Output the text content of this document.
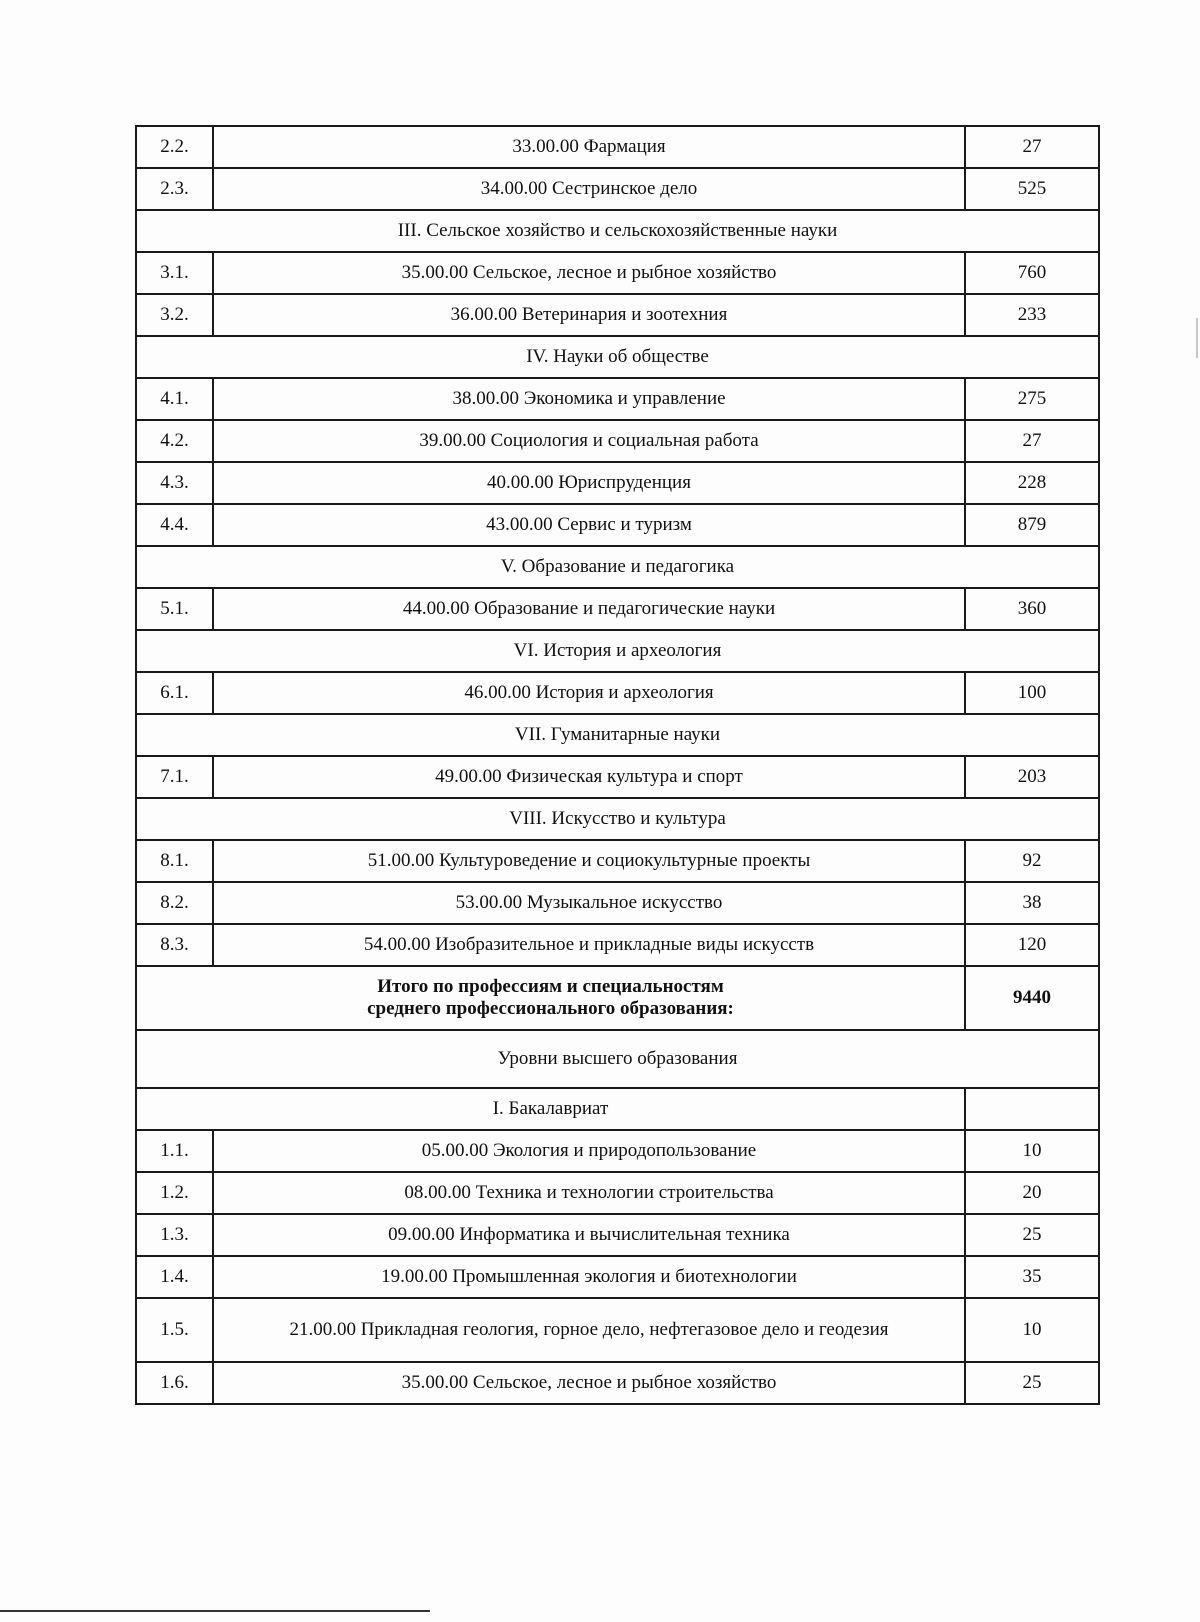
2.2.	33.00.00 Фармация	27
2.3.	34.00.00 Сестринское дело	525
III. Сельское хозяйство и сельскохозяйственные науки		
3.1.	35.00.00 Сельское, лесное и рыбное хозяйство	760
3.2.	36.00.00 Ветеринария и зоотехния	233
IV. Науки об обществе		
4.1.	38.00.00 Экономика и управление	275
4.2.	39.00.00 Социология и социальная работа	27
4.3.	40.00.00 Юриспруденция	228
4.4.	43.00.00 Сервис и туризм	879
V. Образование и педагогика		
5.1.	44.00.00 Образование и педагогические науки	360
VI. История и археология		
6.1.	46.00.00 История и археология	100
VII. Гуманитарные науки		
7.1.	49.00.00 Физическая культура и спорт	203
VIII. Искусство и культура		
8.1.	51.00.00 Культуроведение и социокультурные проекты	92
8.2.	53.00.00 Музыкальное искусство	38
8.3.	54.00.00 Изобразительное и прикладные виды искусств	120

Итого по профессиям и специальностям
среднего профессионального образования:		9440
Уровни высшего образования		
I. Бакалавриат		
1.1.	05.00.00 Экология и природопользование	10
1.2.	08.00.00 Техника и технологии строительства	20
1.3.	09.00.00 Информатика и вычислительная техника	25
1.4.	19.00.00 Промышленная экология и биотехнологии	35
1.5.	21.00.00 Прикладная геология, горное дело, нефтегазовое дело и геодезия	10
1.6.	35.00.00 Сельское, лесное и рыбное хозяйство	25
